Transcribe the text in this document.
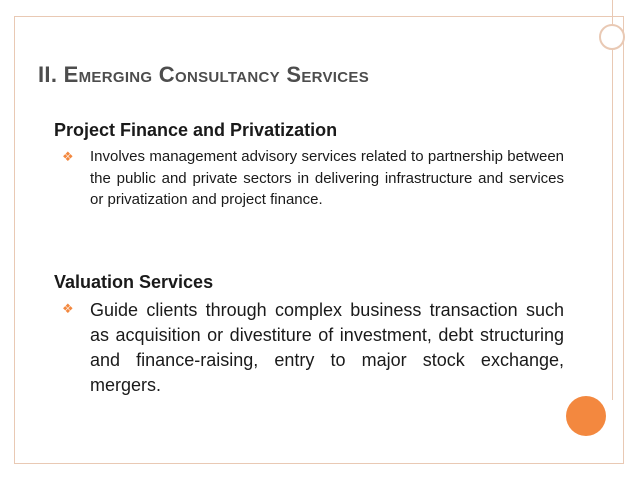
II. Emerging Consultancy Services
Project Finance and Privatization
❖ Involves management advisory services related to partnership between the public and private sectors in delivering infrastructure and services or privatization and project finance.
Valuation Services
❖ Guide clients through complex business transaction such as acquisition or divestiture of investment, debt structuring and finance-raising, entry to major stock exchange, mergers.
